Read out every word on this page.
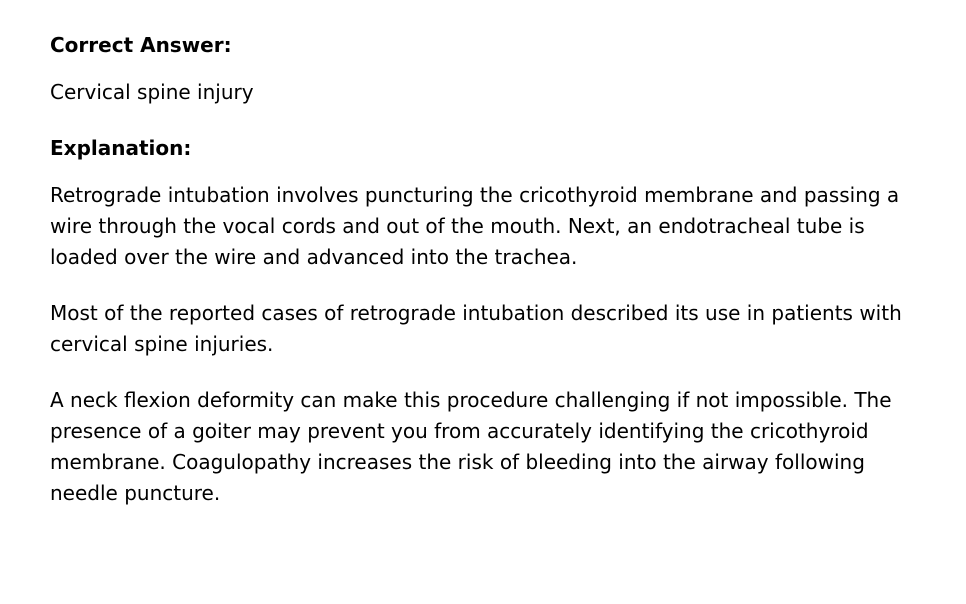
Correct Answer:
Cervical spine injury
Explanation:
Retrograde intubation involves puncturing the cricothyroid membrane and passing a wire through the vocal cords and out of the mouth. Next, an endotracheal tube is loaded over the wire and advanced into the trachea.
Most of the reported cases of retrograde intubation described its use in patients with cervical spine injuries.
A neck flexion deformity can make this procedure challenging if not impossible. The presence of a goiter may prevent you from accurately identifying the cricothyroid membrane. Coagulopathy increases the risk of bleeding into the airway following needle puncture.
